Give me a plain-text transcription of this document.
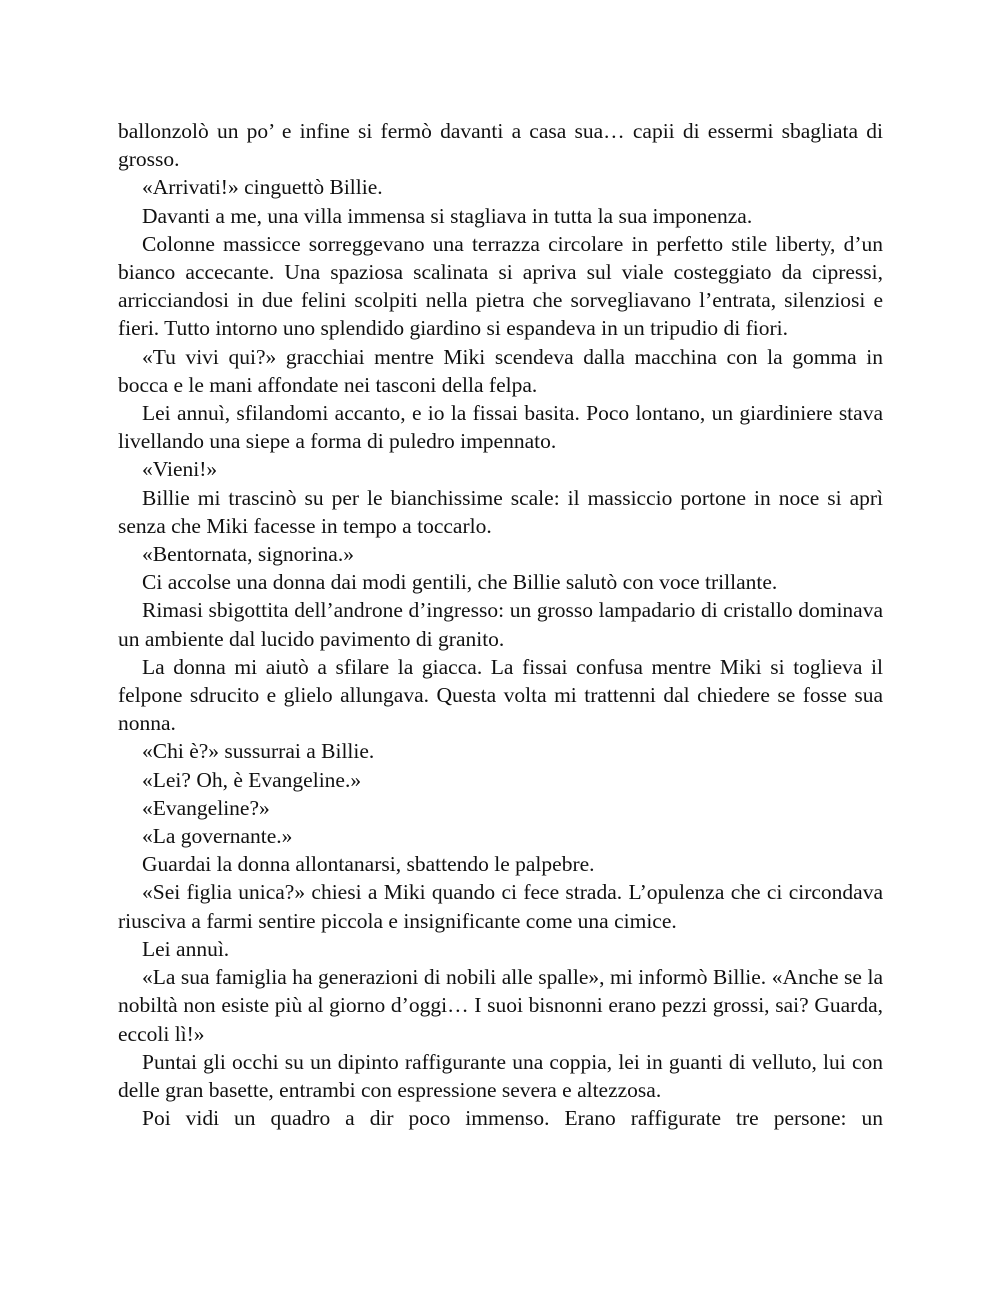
ballonzolò un po’ e infine si fermò davanti a casa sua… capii di essermi sbagliata di grosso.

«Arrivati!» cinguettò Billie.

Davanti a me, una villa immensa si stagliava in tutta la sua imponenza.

Colonne massicce sorreggevano una terrazza circolare in perfetto stile liberty, d’un bianco accecante. Una spaziosa scalinata si apriva sul viale costeggiato da cipressi, arricciandosi in due felini scolpiti nella pietra che sorvegliavano l’entrata, silenziosi e fieri. Tutto intorno uno splendido giardino si espandeva in un tripudio di fiori.

«Tu vivi qui?» gracchiai mentre Miki scendeva dalla macchina con la gomma in bocca e le mani affondate nei tasconi della felpa.

Lei annuì, sfilandomi accanto, e io la fissai basita. Poco lontano, un giardiniere stava livellando una siepe a forma di puledro impennato.

«Vieni!»

Billie mi trascinò su per le bianchissime scale: il massiccio portone in noce si aprì senza che Miki facesse in tempo a toccarlo.

«Bentornata, signorina.»

Ci accolse una donna dai modi gentili, che Billie salutò con voce trillante.

Rimasi sbigottita dell’androne d’ingresso: un grosso lampadario di cristallo dominava un ambiente dal lucido pavimento di granito.

La donna mi aiutò a sfilare la giacca. La fissai confusa mentre Miki si toglieva il felpone sdrucito e glielo allungava. Questa volta mi trattenni dal chiedere se fosse sua nonna.

«Chi è?» sussurrai a Billie.

«Lei? Oh, è Evangeline.»

«Evangeline?»

«La governante.»

Guardai la donna allontanarsi, sbattendo le palpebre.

«Sei figlia unica?» chiesi a Miki quando ci fece strada. L’opulenza che ci circondava riusciva a farmi sentire piccola e insignificante come una cimice.

Lei annuì.

«La sua famiglia ha generazioni di nobili alle spalle», mi informò Billie. «Anche se la nobiltà non esiste più al giorno d’oggi… I suoi bisnonni erano pezzi grossi, sai? Guarda, eccoli lì!»

Puntai gli occhi su un dipinto raffigurante una coppia, lei in guanti di velluto, lui con delle gran basette, entrambi con espressione severa e altezzosa.

Poi vidi un quadro a dir poco immenso. Erano raffigurate tre persone: un
